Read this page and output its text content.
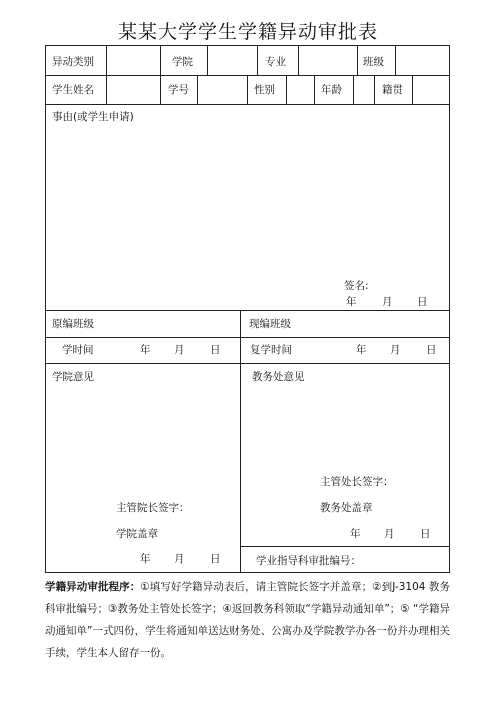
某某大学学生学籍异动审批表
异动类别	学院	专业	班级
学生姓名	学号	性别	年龄	籍贯
事由(或学生申请)
签名:
年 月 日
原编班级	现编班级
学时间	年 月 日	复学时间	年 月 日
学院意见
主管院长签字：
学院盖章
年 月 日
教务处意见
主管处长签字：
教务处盖章
年 月 日
学业指导科审批编号：
学籍异动审批程序：①填写好学籍异动表后，请主管院长签字并盖章；②到J-3104 教务科审批编号；③教务处主管处长签字；④返回教务科领取“学籍异动通知单”；⑤ “学籍异动通知单”一式四份，学生将通知单送达财务处、公寓办及学院教学办各一份并办理相关手续，学生本人留存一份。
